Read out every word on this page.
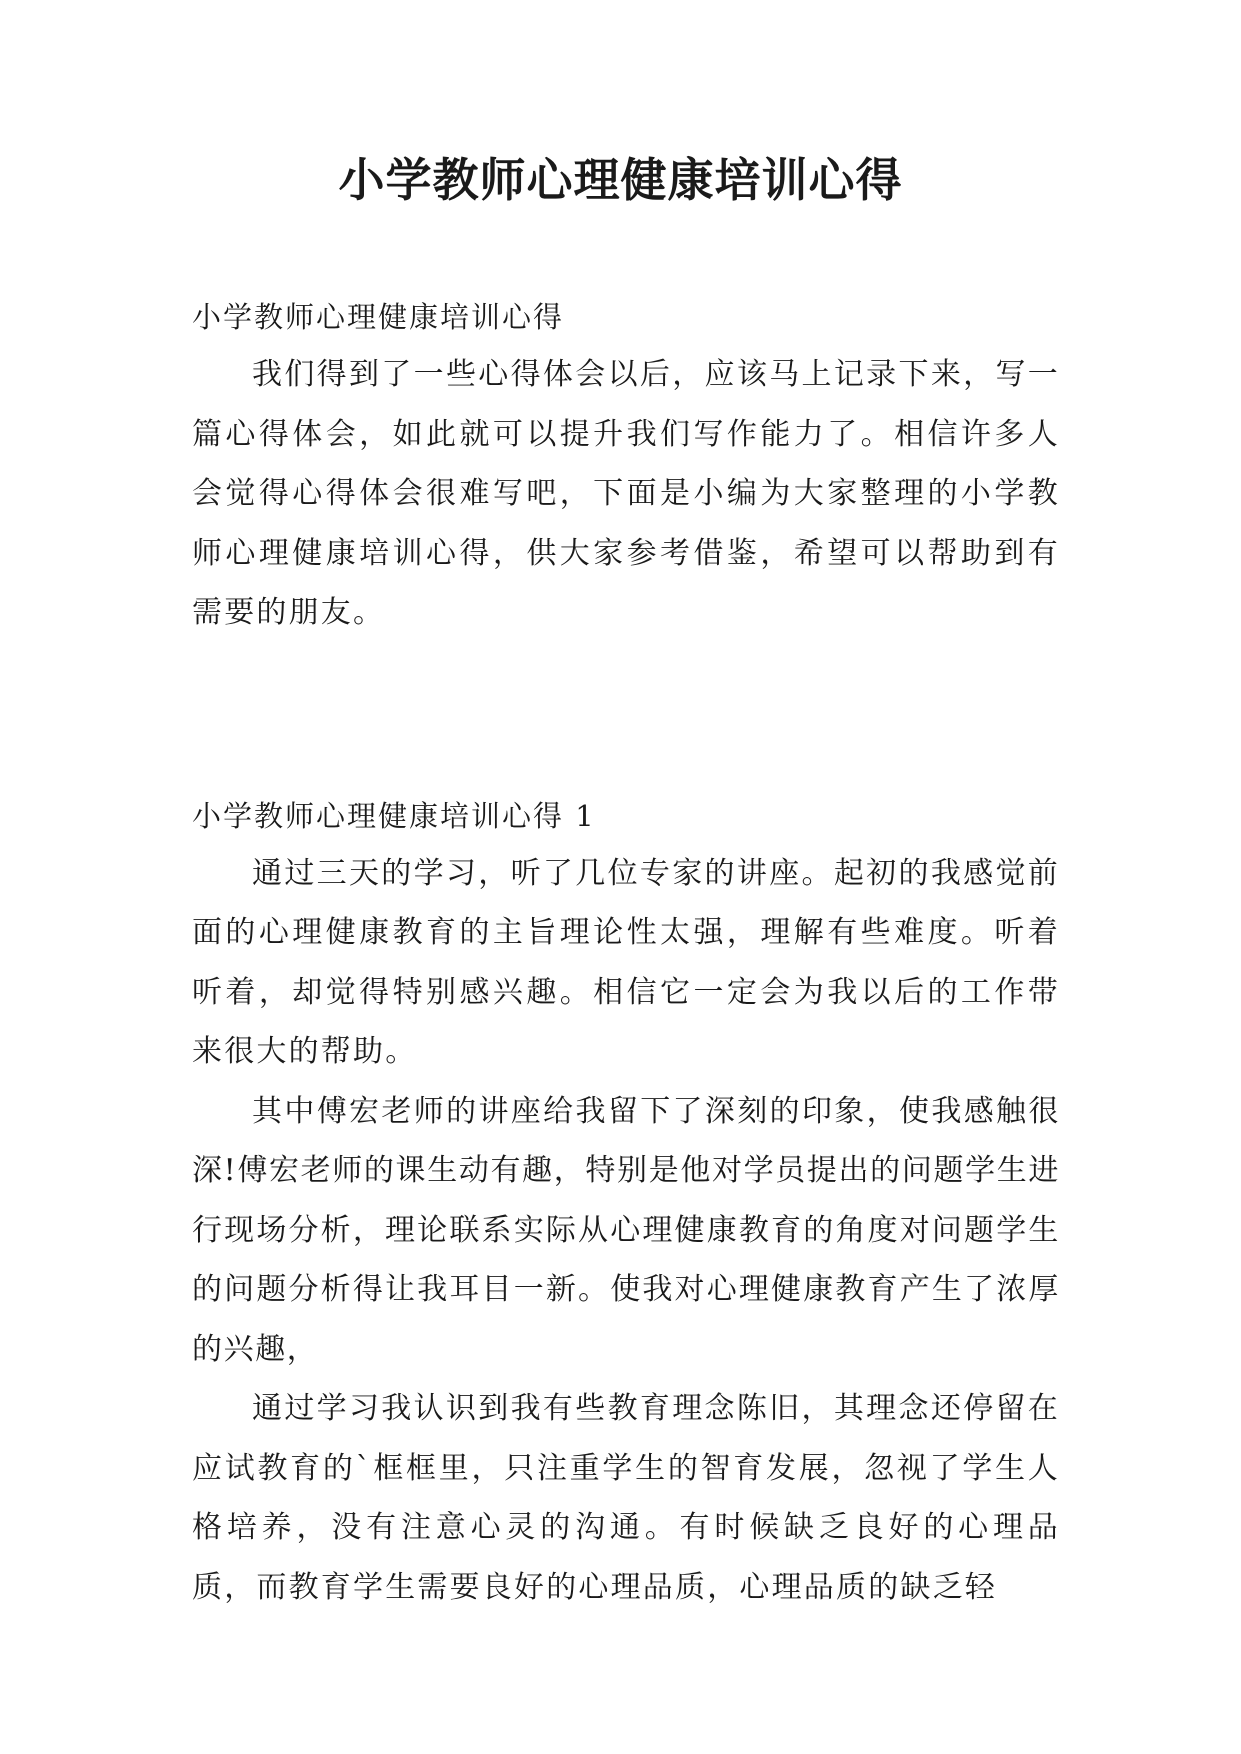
小学教师心理健康培训心得

小学教师心理健康培训心得

我们得到了一些心得体会以后，应该马上记录下来，写一篇心得体会，如此就可以提升我们写作能力了。相信许多人会觉得心得体会很难写吧，下面是小编为大家整理的小学教师心理健康培训心得，供大家参考借鉴，希望可以帮助到有需要的朋友。

小学教师心理健康培训心得 1

通过三天的学习，听了几位专家的讲座。起初的我感觉前面的心理健康教育的主旨理论性太强，理解有些难度。听着听着，却觉得特别感兴趣。相信它一定会为我以后的工作带来很大的帮助。

其中傅宏老师的讲座给我留下了深刻的印象，使我感触很深!傅宏老师的课生动有趣，特别是他对学员提出的问题学生进行现场分析，理论联系实际从心理健康教育的角度对问题学生的问题分析得让我耳目一新。使我对心理健康教育产生了浓厚的兴趣，

通过学习我认识到我有些教育理念陈旧，其理念还停留在应试教育的`框框里，只注重学生的智育发展，忽视了学生人格培养，没有注意心灵的沟通。有时候缺乏良好的心理品质，而教育学生需要良好的心理品质，心理品质的缺乏轻
